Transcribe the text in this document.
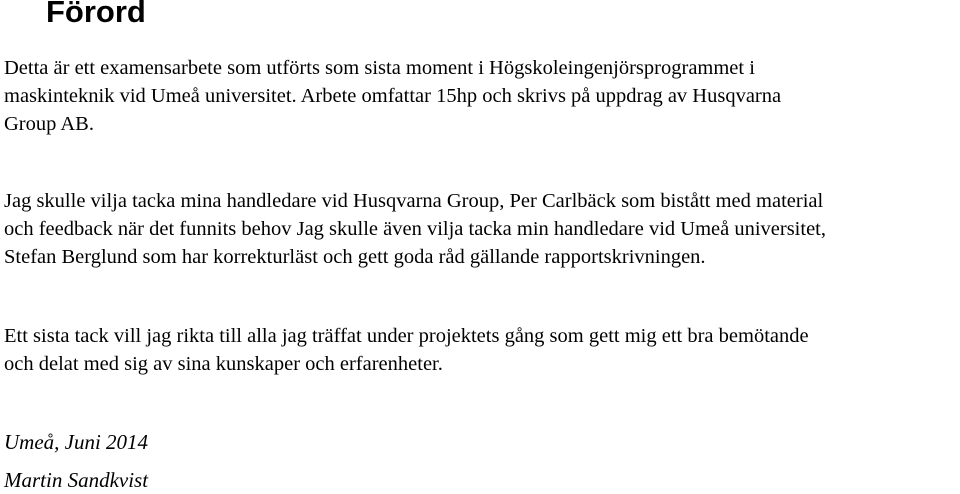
Förord

Detta är ett examensarbete som utförts som sista moment i Högskoleingenjörsprogrammet i
maskinteknik vid Umeå universitet. Arbete omfattar 15hp och skrivs på uppdrag av Husqvarna
Group AB.

Jag skulle vilja tacka mina handledare vid Husqvarna Group, Per Carlbäck som bistått med material
och feedback när det funnits behov Jag skulle även vilja tacka min handledare vid Umeå universitet,
Stefan Berglund som har korrekturläst och gett goda råd gällande rapportskrivningen.

Ett sista tack vill jag rikta till alla jag träffat under projektets gång som gett mig ett bra bemötande
och delat med sig av sina kunskaper och erfarenheter.

Umeå, Juni 2014

Martin Sandkvist
